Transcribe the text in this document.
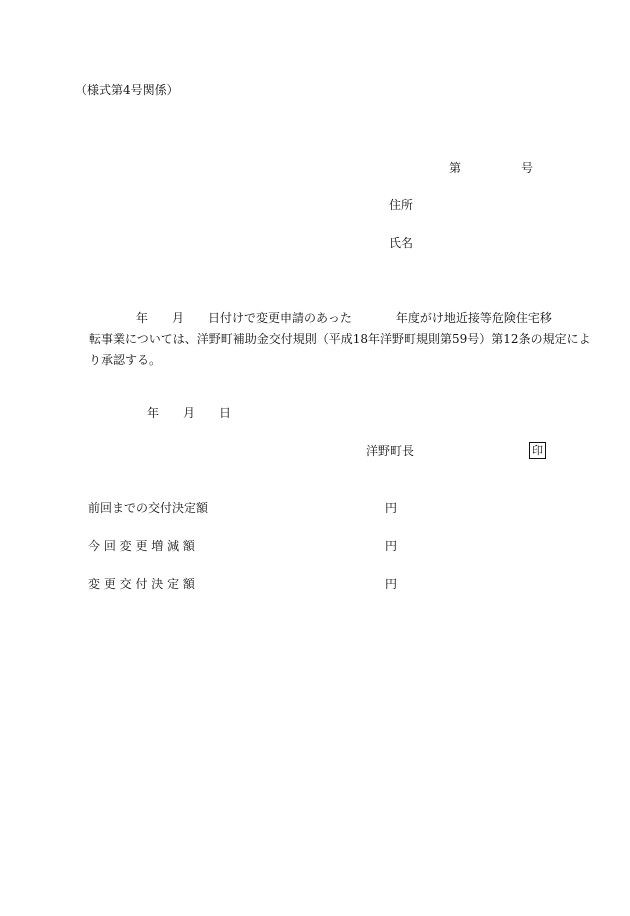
（様式第4号関係）
第	号
住所
氏名
年 月 日付けで変更申請のあった	年度がけ地近接等危険住宅移
転事業については、洋野町補助金交付規則（平成18年洋野町規則第59号）第12条の規定によ
り承認する。
年 月 日
洋野町長	印
前回までの交付決定額	円
今 回 変 更 増 減 額	円
変 更 交 付 決 定 額	円
